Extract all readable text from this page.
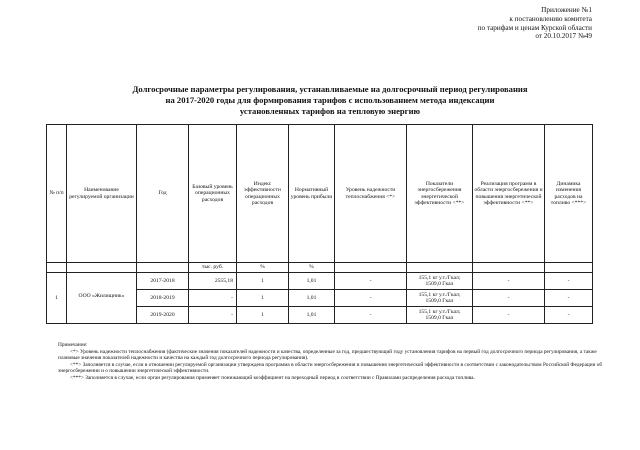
Приложение №1
к постановлению комитета
по тарифам и ценам Курской области
от 20.10.2017 №49
Долгосрочные параметры регулирования, устанавливаемые на долгосрочный период регулирования
на 2017-2020 годы для формирования тарифов с использованием метода индексации
установленных тарифов на тепловую энергию
№ п/п	Наименование регулируемой организации	Год	Базовый уровень операционных расходов	Индекс эффективности операционных расходов	Нормативный уровень прибыли	Уровень надежности теплоснабжения <*>	Показатели энергосбережения энергетической эффективности <**>	Реализация программ в области энергосбережения и повышения энергетической эффективности <**>	Динамика изменения расходов на топливо <***>
			тыс. руб.	%	%				
1	ООО «Жилищник»	2017-2018	2555,18	1	1,01	-	155,1 кг у.т./Гкал;
1509,0 Гкал	-	-
		2018-2019	-	1	1,01	-	155,1 кг у.т./Гкал;
1509,0 Гкал	-	-
		2019-2020	-	1	1,01	-	155,1 кг у.т./Гкал;
1509,0 Гкал	-	-
Примечание:
<*> Уровень надежности теплоснабжения (фактические значения показателей надежности и качества, определенные за год, предшествующий году установления тарифов на первый год долгосрочного периода регулирования, а также плановые значения показателей надежности и качества на каждый год долгосрочного периода регулирования).
<**> Заполняется в случае, если в отношении регулируемой организации утверждена программа в области энергосбережения и повышения энергетической эффективности в соответствии с законодательством Российской Федерации об энергосбережении и о повышении энергетической эффективности.
<***> Заполняется в случае, если орган регулирования применяет понижающий коэффициент на переходный период в соответствии с Правилами распределения расхода топлива.
